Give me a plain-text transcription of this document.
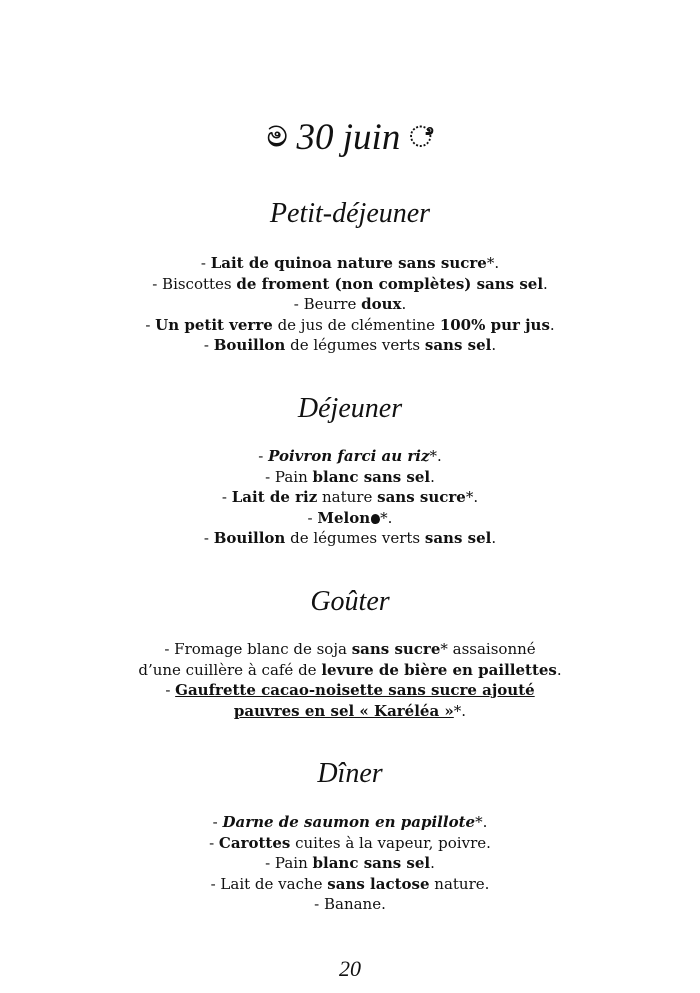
ම 30 juin ೆ
Petit-déjeuner
- Lait de quinoa nature sans sucre*.
- Biscottes de froment (non complètes) sans sel.
- Beurre doux.
- Un petit verre de jus de clémentine 100% pur jus.
- Bouillon de légumes verts sans sel.
Déjeuner
- Poivron farci au riz*.
- Pain blanc sans sel.
- Lait de riz nature sans sucre*.
- Melon *.
- Bouillon de légumes verts sans sel.
Goûter
- Fromage blanc de soja sans sucre* assaisonné
d’une cuillère à café de levure de bière en paillettes.
- Gaufrette cacao-noisette sans sucre ajouté
pauvres en sel « Karéléa »*.
Dîner
- Darne de saumon en papillote*.
- Carottes cuites à la vapeur, poivre.
- Pain blanc sans sel.
- Lait de vache sans lactose nature.
- Banane.
20
